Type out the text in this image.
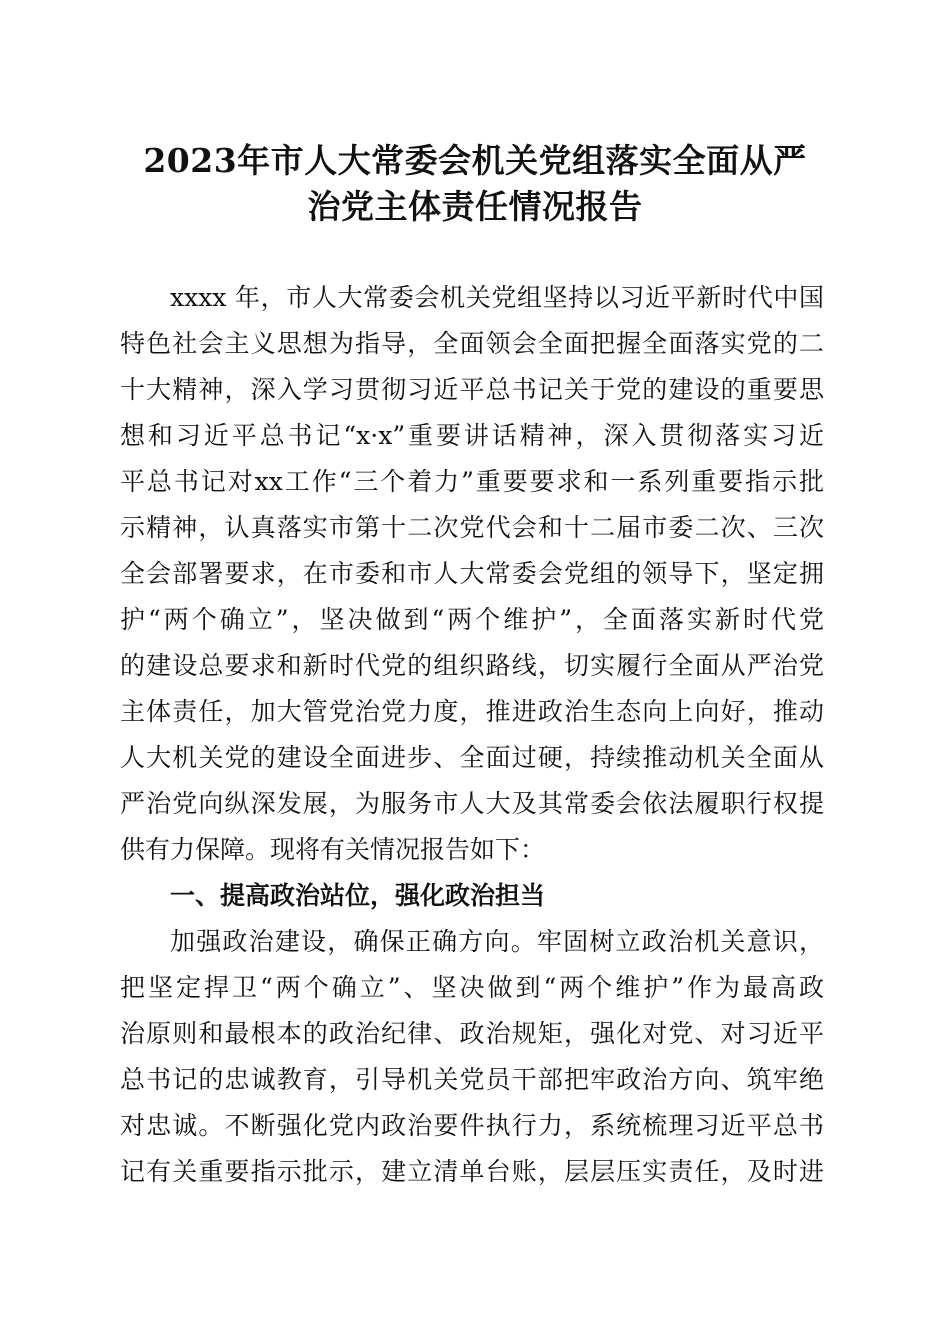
2023年市人大常委会机关党组落实全面从严
治党主体责任情况报告
xxxx 年，市人大常委会机关党组坚持以习近平新时代中国
特色社会主义思想为指导，全面领会全面把握全面落实党的二
十大精神，深入学习贯彻习近平总书记关于党的建设的重要思
想和习近平总书记“x·x”重要讲话精神，深入贯彻落实习近
平总书记对xx工作“三个着力”重要要求和一系列重要指示批
示精神，认真落实市第十二次党代会和十二届市委二次、三次
全会部署要求，在市委和市人大常委会党组的领导下，坚定拥
护“两个确立”，坚决做到“两个维护”，全面落实新时代党
的建设总要求和新时代党的组织路线，切实履行全面从严治党
主体责任，加大管党治党力度，推进政治生态向上向好，推动
人大机关党的建设全面进步、全面过硬，持续推动机关全面从
严治党向纵深发展，为服务市人大及其常委会依法履职行权提
供有力保障。现将有关情况报告如下：
一、提高政治站位，强化政治担当
加强政治建设，确保正确方向。牢固树立政治机关意识，
把坚定捍卫“两个确立”、坚决做到“两个维护”作为最高政
治原则和最根本的政治纪律、政治规矩，强化对党、对习近平
总书记的忠诚教育，引导机关党员干部把牢政治方向、筑牢绝
对忠诚。不断强化党内政治要件执行力，系统梳理习近平总书
记有关重要指示批示，建立清单台账，层层压实责任，及时进
